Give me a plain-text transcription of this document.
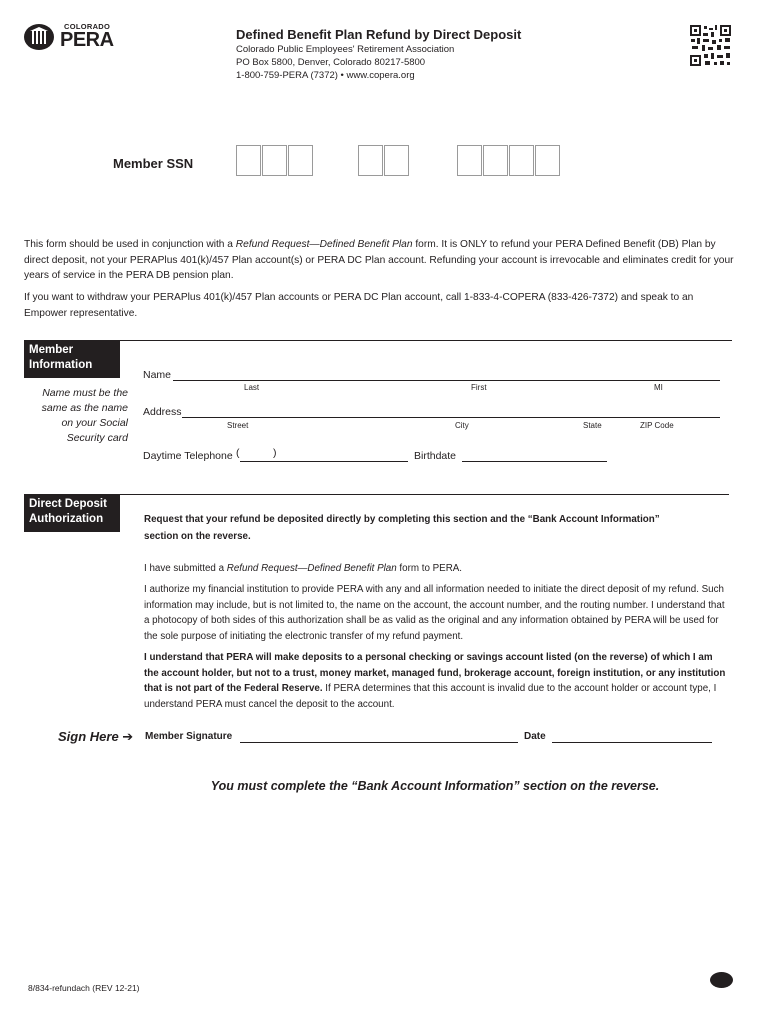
COLORADO
PERA	Defined Benefit Plan Refund by Direct Deposit
Colorado Public Employees' Retirement Association
PO Box 5800, Denver, Colorado 80217-5800
1-800-759-PERA (7372) • www.copera.org
Member SSN
This form should be used in conjunction with a Refund Request—Defined Benefit Plan form. It is ONLY to refund your PERA Defined Benefit (DB) Plan by direct deposit, not your PERAPlus 401(k)/457 Plan account(s) or PERA DC Plan account. Refunding your account is irrevocable and eliminates credit for your years of service in the PERA DB pension plan.
If you want to withdraw your PERAPlus 401(k)/457 Plan accounts or PERA DC Plan account, call 1-833-4-COPERA (833-426-7372) and speak to an Empower representative.
Member
Information
Name must be the same as the name on your Social Security card
Name
Last	First	MI
Address
Street	City	State	ZIP Code
Daytime Telephone (	)	Birthdate
Direct Deposit
Authorization	Request that your refund be deposited directly by completing this section and the “Bank Account Information”
section on the reverse.
I have submitted a Refund Request—Defined Benefit Plan form to PERA.
I authorize my financial institution to provide PERA with any and all information needed to initiate the direct deposit of my refund. Such information may include, but is not limited to, the name on the account, the account number, and the routing number. I understand that a photocopy of both sides of this authorization shall be as valid as the original and any information obtained by PERA will be used for the sole purpose of initiating the electronic transfer of my refund payment.
I understand that PERA will make deposits to a personal checking or savings account listed (on the reverse) of which I am the account holder, but not to a trust, money market, managed fund, brokerage account, foreign institution, or any institution that is not part of the Federal Reserve. If PERA determines that this account is invalid due to the account holder or account type, I understand PERA must cancel the deposit to the account.
Sign Here ➔ Member Signature	Date
You must complete the “Bank Account Information” section on the reverse.
8/834-refundach (REV 12-21)
